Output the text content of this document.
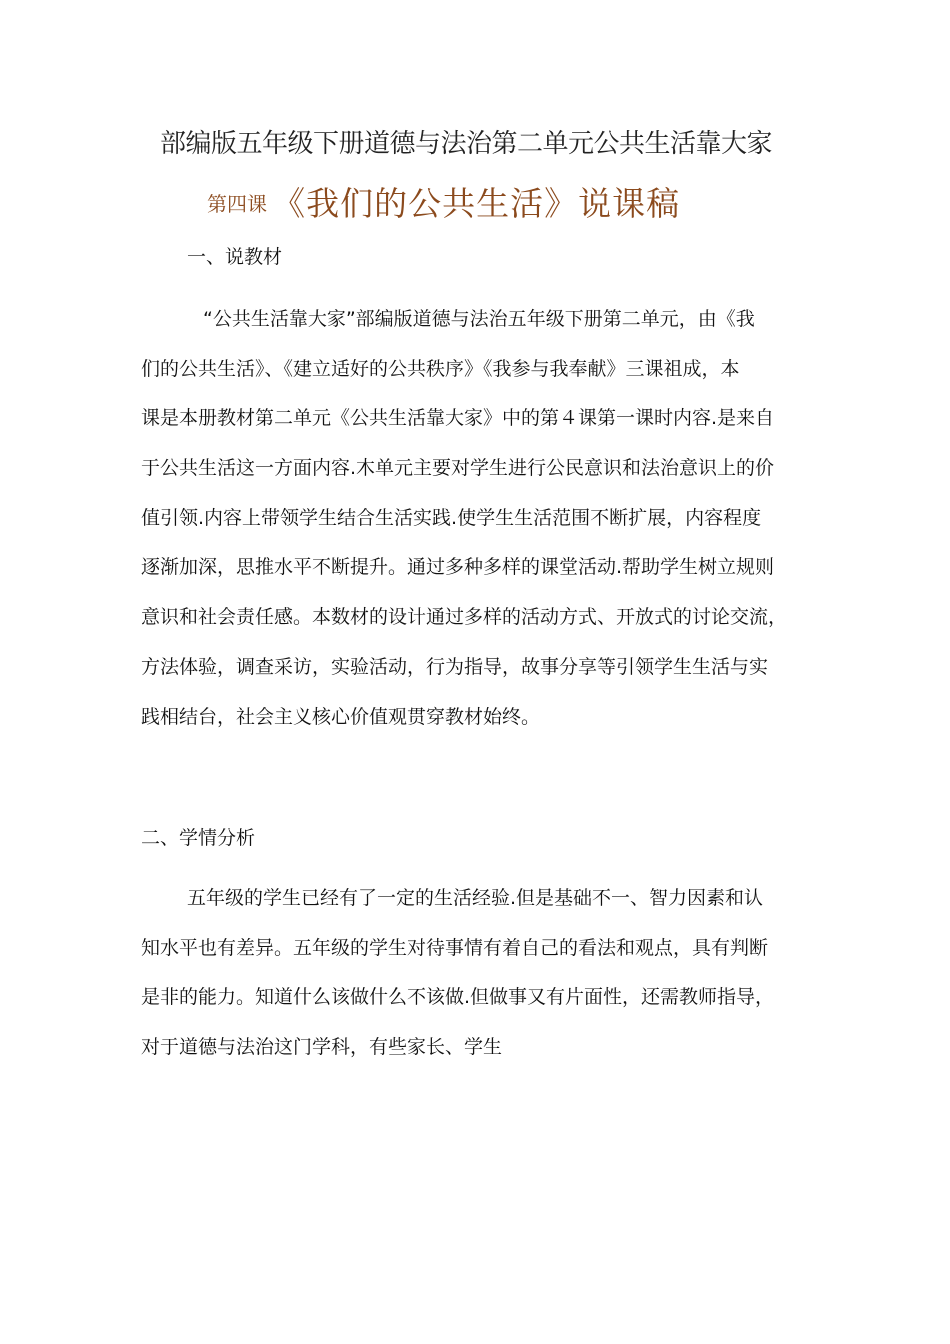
部编版五年级下册道德与法治第二单元公共生活靠大家
第四课 《我们的公共生活》说课稿
一、说教材
“公共生活靠大家”部编版道德与法治五年级下册第二单元，由《我
们的公共生活》、《建立适好的公共秩序》《我参与我奉献》三课祖成，本
课是本册教材第二单元《公共生活靠大家》中的第４课第一课时内容.是来自
于公共生活这一方面内容.木单元主要对学生进行公民意识和法治意识上的价
值引领.内容上带领学生结合生活实践.使学生生活范围不断扩展，内容程度
逐渐加深，思推水平不断提升。通过多种多样的课堂活动.帮助学生树立规则
意识和社会责任感。本数材的设计通过多样的活动方式、开放式的讨论交流，
方法体验，调查采访，实验活动，行为指导，故事分享等引领学生生活与实
践相结台，社会主义核心价值观贯穿教材始终。
二、学情分析
五年级的学生已经有了一定的生活经验.但是基础不一、智力因素和认
知水平也有差异。五年级的学生对待事情有着自己的看法和观点，具有判断
是非的能力。知道什么该做什么不该做.但做事又有片面性，还需教师指导，
对于道德与法治这门学科，有些家长、学生
